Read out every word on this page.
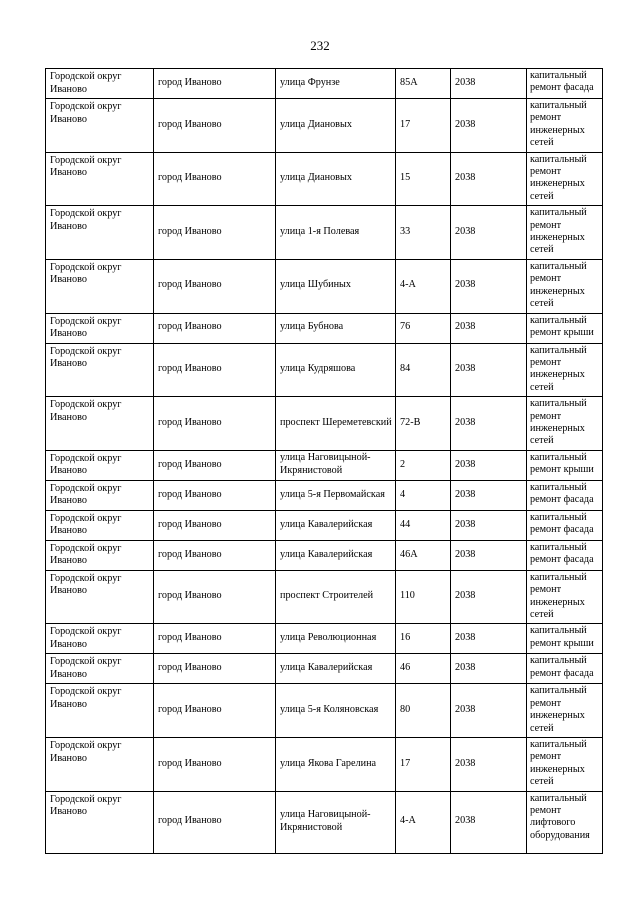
232
Городской округ Иваново	город Иваново	улица Фрунзе	85А	2038	капитальный ремонт фасада
Городской округ Иваново	город Иваново	улица Диановых	17	2038	капитальный ремонт инженерных сетей
Городской округ Иваново	город Иваново	улица Диановых	15	2038	капитальный ремонт инженерных сетей
Городской округ Иваново	город Иваново	улица 1-я Полевая	33	2038	капитальный ремонт инженерных сетей
Городской округ Иваново	город Иваново	улица Шубиных	4-А	2038	капитальный ремонт инженерных сетей
Городской округ Иваново	город Иваново	улица Бубнова	76	2038	капитальный ремонт крыши
Городской округ Иваново	город Иваново	улица Кудряшова	84	2038	капитальный ремонт инженерных сетей
Городской округ Иваново	город Иваново	проспект Шереметевский	72-В	2038	капитальный ремонт инженерных сетей
Городской округ Иваново	город Иваново	улица Наговицыной-Икрянистовой	2	2038	капитальный ремонт крыши
Городской округ Иваново	город Иваново	улица 5-я Первомайская	4	2038	капитальный ремонт фасада
Городской округ Иваново	город Иваново	улица Кавалерийская	44	2038	капитальный ремонт фасада
Городской округ Иваново	город Иваново	улица Кавалерийская	46А	2038	капитальный ремонт фасада
Городской округ Иваново	город Иваново	проспект Строителей	110	2038	капитальный ремонт инженерных сетей
Городской округ Иваново	город Иваново	улица Революционная	16	2038	капитальный ремонт крыши
Городской округ Иваново	город Иваново	улица Кавалерийская	46	2038	капитальный ремонт фасада
Городской округ Иваново	город Иваново	улица 5-я Коляновская	80	2038	капитальный ремонт инженерных сетей
Городской округ Иваново	город Иваново	улица Якова Гарелина	17	2038	капитальный ремонт инженерных сетей
Городской округ Иваново	город Иваново	улица Наговицыной-Икрянистовой	4-А	2038	капитальный ремонт лифтового оборудования
